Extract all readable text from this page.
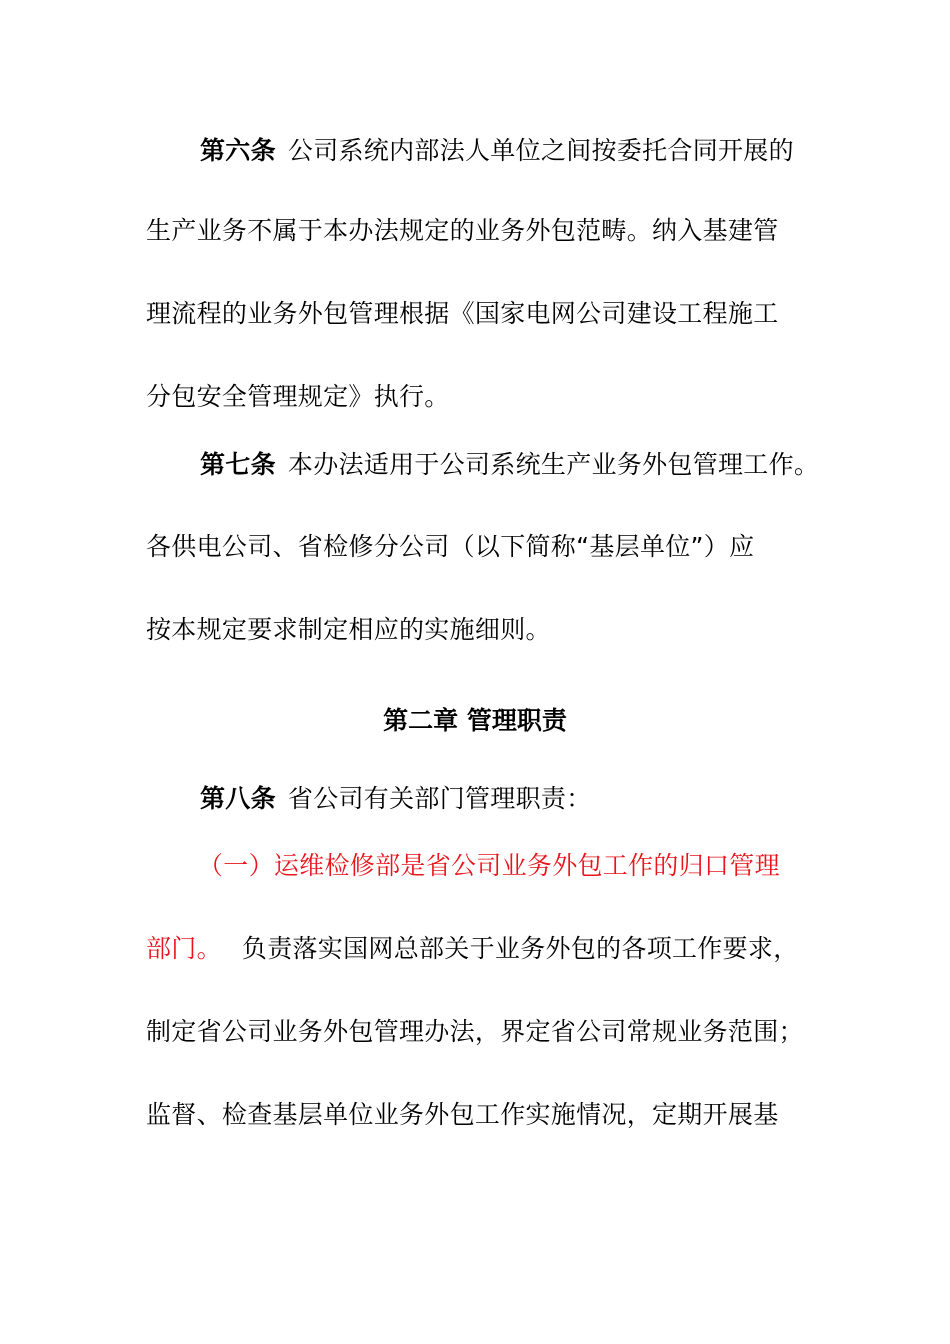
第六条 公司系统内部法人单位之间按委托合同开展的
生产业务不属于本办法规定的业务外包范畴。纳入基建管
理流程的业务外包管理根据《国家电网公司建设工程施工
分包安全管理规定》执行。
第七条 本办法适用于公司系统生产业务外包管理工作。
各供电公司、省检修分公司（以下简称“基层单位”）应
按本规定要求制定相应的实施细则。
第二章 管理职责
第八条 省公司有关部门管理职责：
（一）运维检修部是省公司业务外包工作的归口管理
部门。 负责落实国网总部关于业务外包的各项工作要求，
制定省公司业务外包管理办法，界定省公司常规业务范围；
监督、检查基层单位业务外包工作实施情况，定期开展基
